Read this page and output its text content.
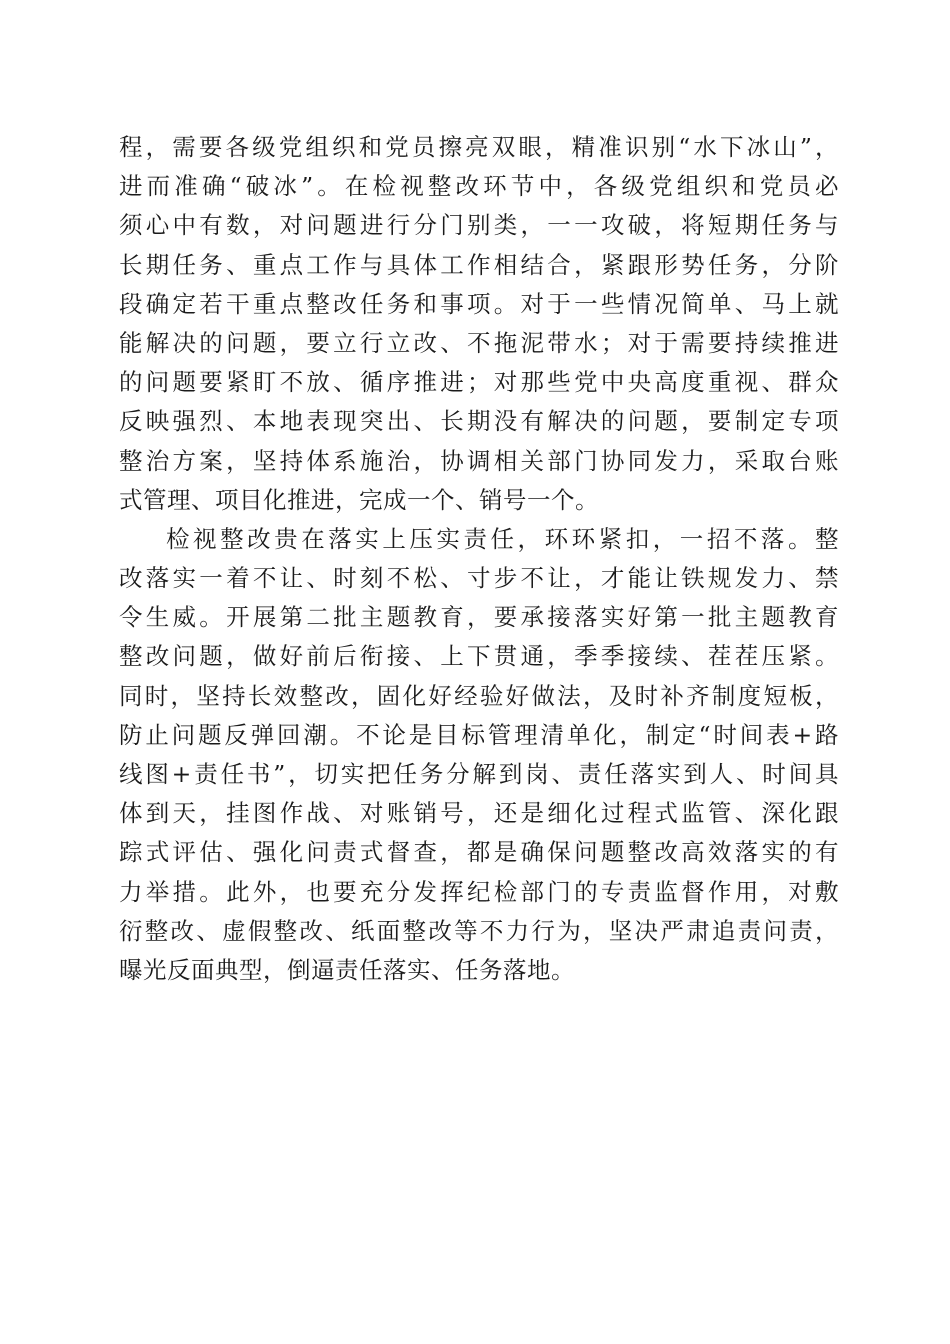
程，需要各级党组织和党员擦亮双眼，精准识别“水下冰山”，
进而准确“破冰”。在检视整改环节中，各级党组织和党员必
须心中有数，对问题进行分门别类，一一攻破，将短期任务与
长期任务、重点工作与具体工作相结合，紧跟形势任务，分阶
段确定若干重点整改任务和事项。对于一些情况简单、马上就
能解决的问题，要立行立改、不拖泥带水；对于需要持续推进
的问题要紧盯不放、循序推进；对那些党中央高度重视、群众
反映强烈、本地表现突出、长期没有解决的问题，要制定专项
整治方案，坚持体系施治，协调相关部门协同发力，采取台账
式管理、项目化推进，完成一个、销号一个。
检视整改贵在落实上压实责任，环环紧扣，一招不落。整
改落实一着不让、时刻不松、寸步不让，才能让铁规发力、禁
令生威。开展第二批主题教育，要承接落实好第一批主题教育
整改问题，做好前后衔接、上下贯通，季季接续、茬茬压紧。
同时，坚持长效整改，固化好经验好做法，及时补齐制度短板，
防止问题反弹回潮。不论是目标管理清单化，制定“时间表+路
线图+责任书”，切实把任务分解到岗、责任落实到人、时间具
体到天，挂图作战、对账销号，还是细化过程式监管、深化跟
踪式评估、强化问责式督查，都是确保问题整改高效落实的有
力举措。此外，也要充分发挥纪检部门的专责监督作用，对敷
衍整改、虚假整改、纸面整改等不力行为，坚决严肃追责问责，
曝光反面典型，倒逼责任落实、任务落地。
